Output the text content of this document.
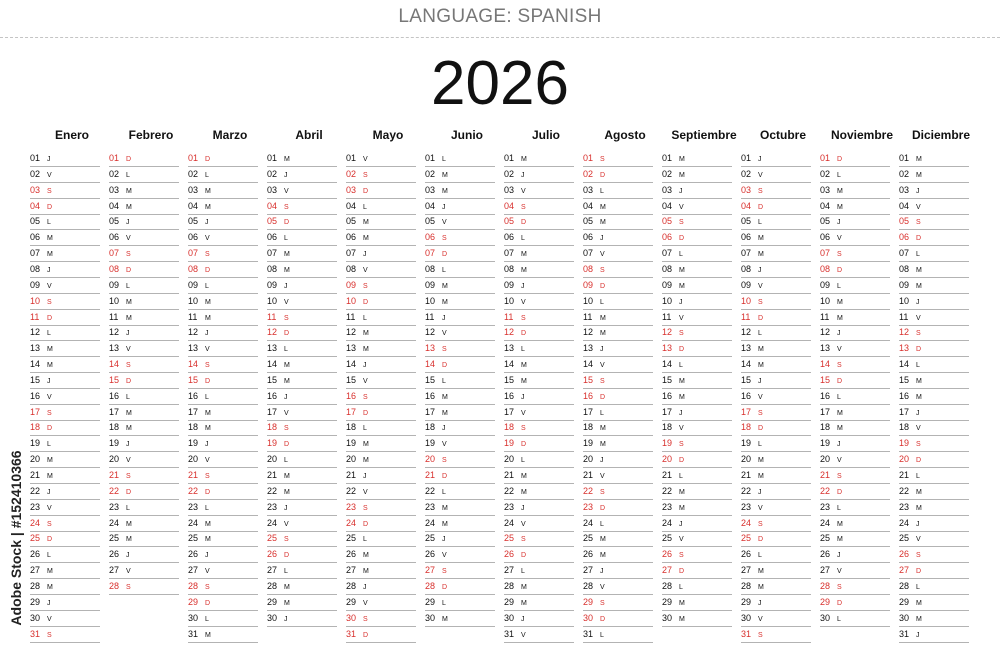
LANGUAGE: SPANISH
2026
Enero
01 J
02 V
03 S
04 D
05 L
06 M
07 M
08 J
09 V
10 S
11 D
12 L
13 M
14 M
15 J
16 V
17 S
18 D
19 L
20 M
21 M
22 J
23 V
24 S
25 D
26 L
27 M
28 M
29 J
30 V
31 S
Febrero
01 D
02 L
03 M
04 M
05 J
06 V
07 S
08 D
09 L
10 M
11 M
12 J
13 V
14 S
15 D
16 L
17 M
18 M
19 J
20 V
21 S
22 D
23 L
24 M
25 M
26 J
27 V
28 S
Marzo
01 D
02 L
03 M
04 M
05 J
06 V
07 S
08 D
09 L
10 M
11 M
12 J
13 V
14 S
15 D
16 L
17 M
18 M
19 J
20 V
21 S
22 D
23 L
24 M
25 M
26 J
27 V
28 S
29 D
30 L
31 M
Abril
01 M
02 J
03 V
04 S
05 D
06 L
07 M
08 M
09 J
10 V
11 S
12 D
13 L
14 M
15 M
16 J
17 V
18 S
19 D
20 L
21 M
22 M
23 J
24 V
25 S
26 D
27 L
28 M
29 M
30 J
Mayo
01 V
02 S
03 D
04 L
05 M
06 M
07 J
08 V
09 S
10 D
11 L
12 M
13 M
14 J
15 V
16 S
17 D
18 L
19 M
20 M
21 J
22 V
23 S
24 D
25 L
26 M
27 M
28 J
29 V
30 S
31 D
Junio
01 L
02 M
03 M
04 J
05 V
06 S
07 D
08 L
09 M
10 M
11 J
12 V
13 S
14 D
15 L
16 M
17 M
18 J
19 V
20 S
21 D
22 L
23 M
24 M
25 J
26 V
27 S
28 D
29 L
30 M
Julio
01 M
02 J
03 V
04 S
05 D
06 L
07 M
08 M
09 J
10 V
11 S
12 D
13 L
14 M
15 M
16 J
17 V
18 S
19 D
20 L
21 M
22 M
23 J
24 V
25 S
26 D
27 L
28 M
29 M
30 J
31 V
Agosto
01 S
02 D
03 L
04 M
05 M
06 J
07 V
08 S
09 D
10 L
11 M
12 M
13 J
14 V
15 S
16 D
17 L
18 M
19 M
20 J
21 V
22 S
23 D
24 L
25 M
26 M
27 J
28 V
29 S
30 D
31 L
Septiembre
01 M
02 M
03 J
04 V
05 S
06 D
07 L
08 M
09 M
10 J
11 V
12 S
13 D
14 L
15 M
16 M
17 J
18 V
19 S
20 D
21 L
22 M
23 M
24 J
25 V
26 S
27 D
28 L
29 M
30 M
Octubre
01 J
02 V
03 S
04 D
05 L
06 M
07 M
08 J
09 V
10 S
11 D
12 L
13 M
14 M
15 J
16 V
17 S
18 D
19 L
20 M
21 M
22 J
23 V
24 S
25 D
26 L
27 M
28 M
29 J
30 V
31 S
Noviembre
01 D
02 L
03 M
04 M
05 J
06 V
07 S
08 D
09 L
10 M
11 M
12 J
13 V
14 S
15 D
16 L
17 M
18 M
19 J
20 V
21 S
22 D
23 L
24 M
25 M
26 J
27 V
28 S
29 D
30 L
Diciembre
01 M
02 M
03 J
04 V
05 S
06 D
07 L
08 M
09 M
10 J
11 V
12 S
13 D
14 L
15 M
16 M
17 J
18 V
19 S
20 D
21 L
22 M
23 M
24 J
25 V
26 S
27 D
28 L
29 M
30 M
31 J
Adobe Stock | #152410366
